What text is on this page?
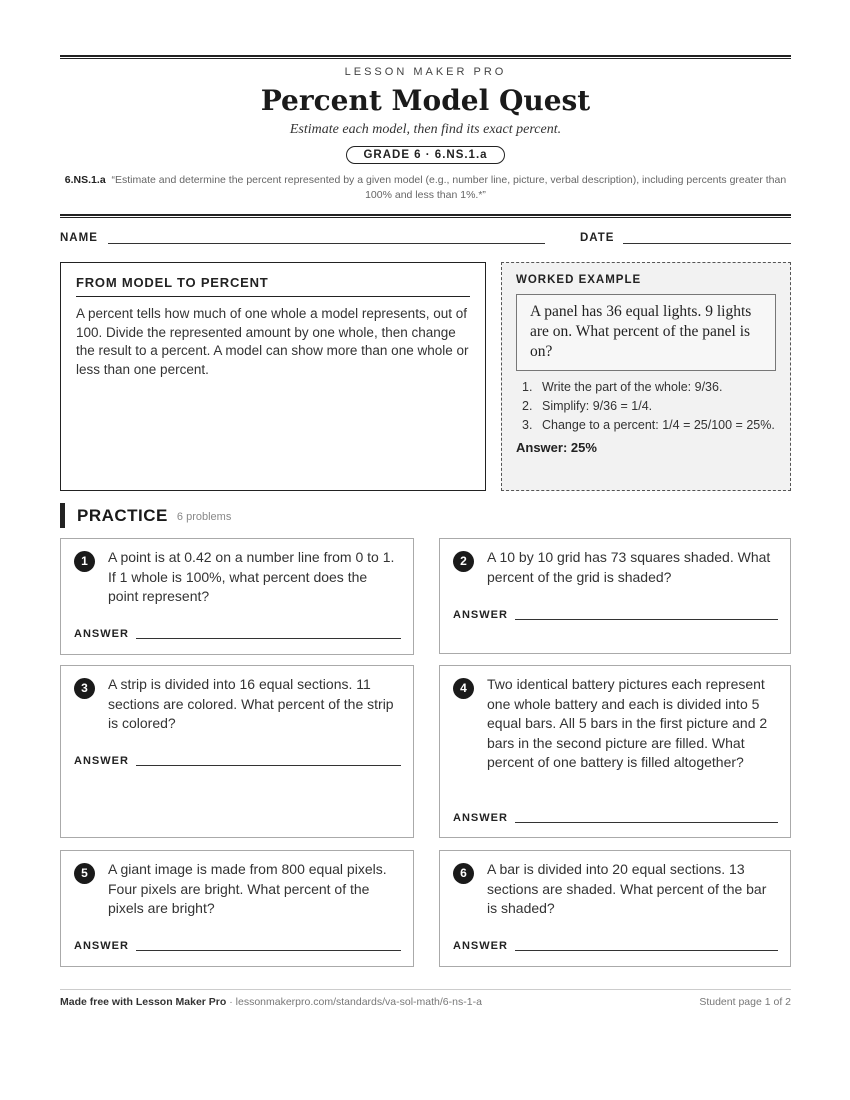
LESSON MAKER PRO
Percent Model Quest
Estimate each model, then find its exact percent.
GRADE 6 · 6.NS.1.a
6.NS.1.a “Estimate and determine the percent represented by a given model (e.g., number line, picture, verbal description), including percents greater than 100% and less than 1%.*”
NAME	DATE
FROM MODEL TO PERCENT
A percent tells how much of one whole a model represents, out of 100. Divide the represented amount by one whole, then change the result to a percent. A model can show more than one whole or less than one percent.
WORKED EXAMPLE
A panel has 36 equal lights. 9 lights are on. What percent of the panel is on?
1. Write the part of the whole: 9/36.
2. Simplify: 9/36 = 1/4.
3. Change to a percent: 1/4 = 25/100 = 25%.
Answer: 25%
PRACTICE 6 problems
1	A point is at 0.42 on a number line from 0 to 1. If 1 whole is 100%, what percent does the point represent?
ANSWER
2	A 10 by 10 grid has 73 squares shaded. What percent of the grid is shaded?
ANSWER
3	A strip is divided into 16 equal sections. 11 sections are colored. What percent of the strip is colored?
ANSWER
4	Two identical battery pictures each represent one whole battery and each is divided into 5 equal bars. All 5 bars in the first picture and 2 bars in the second picture are filled. What percent of one battery is filled altogether?
ANSWER
5	A giant image is made from 800 equal pixels. Four pixels are bright. What percent of the pixels are bright?
ANSWER
6	A bar is divided into 20 equal sections. 13 sections are shaded. What percent of the bar is shaded?
ANSWER
Made free with Lesson Maker Pro · lessonmakerpro.com/standards/va-sol-math/6-ns-1-a	Student page 1 of 2
